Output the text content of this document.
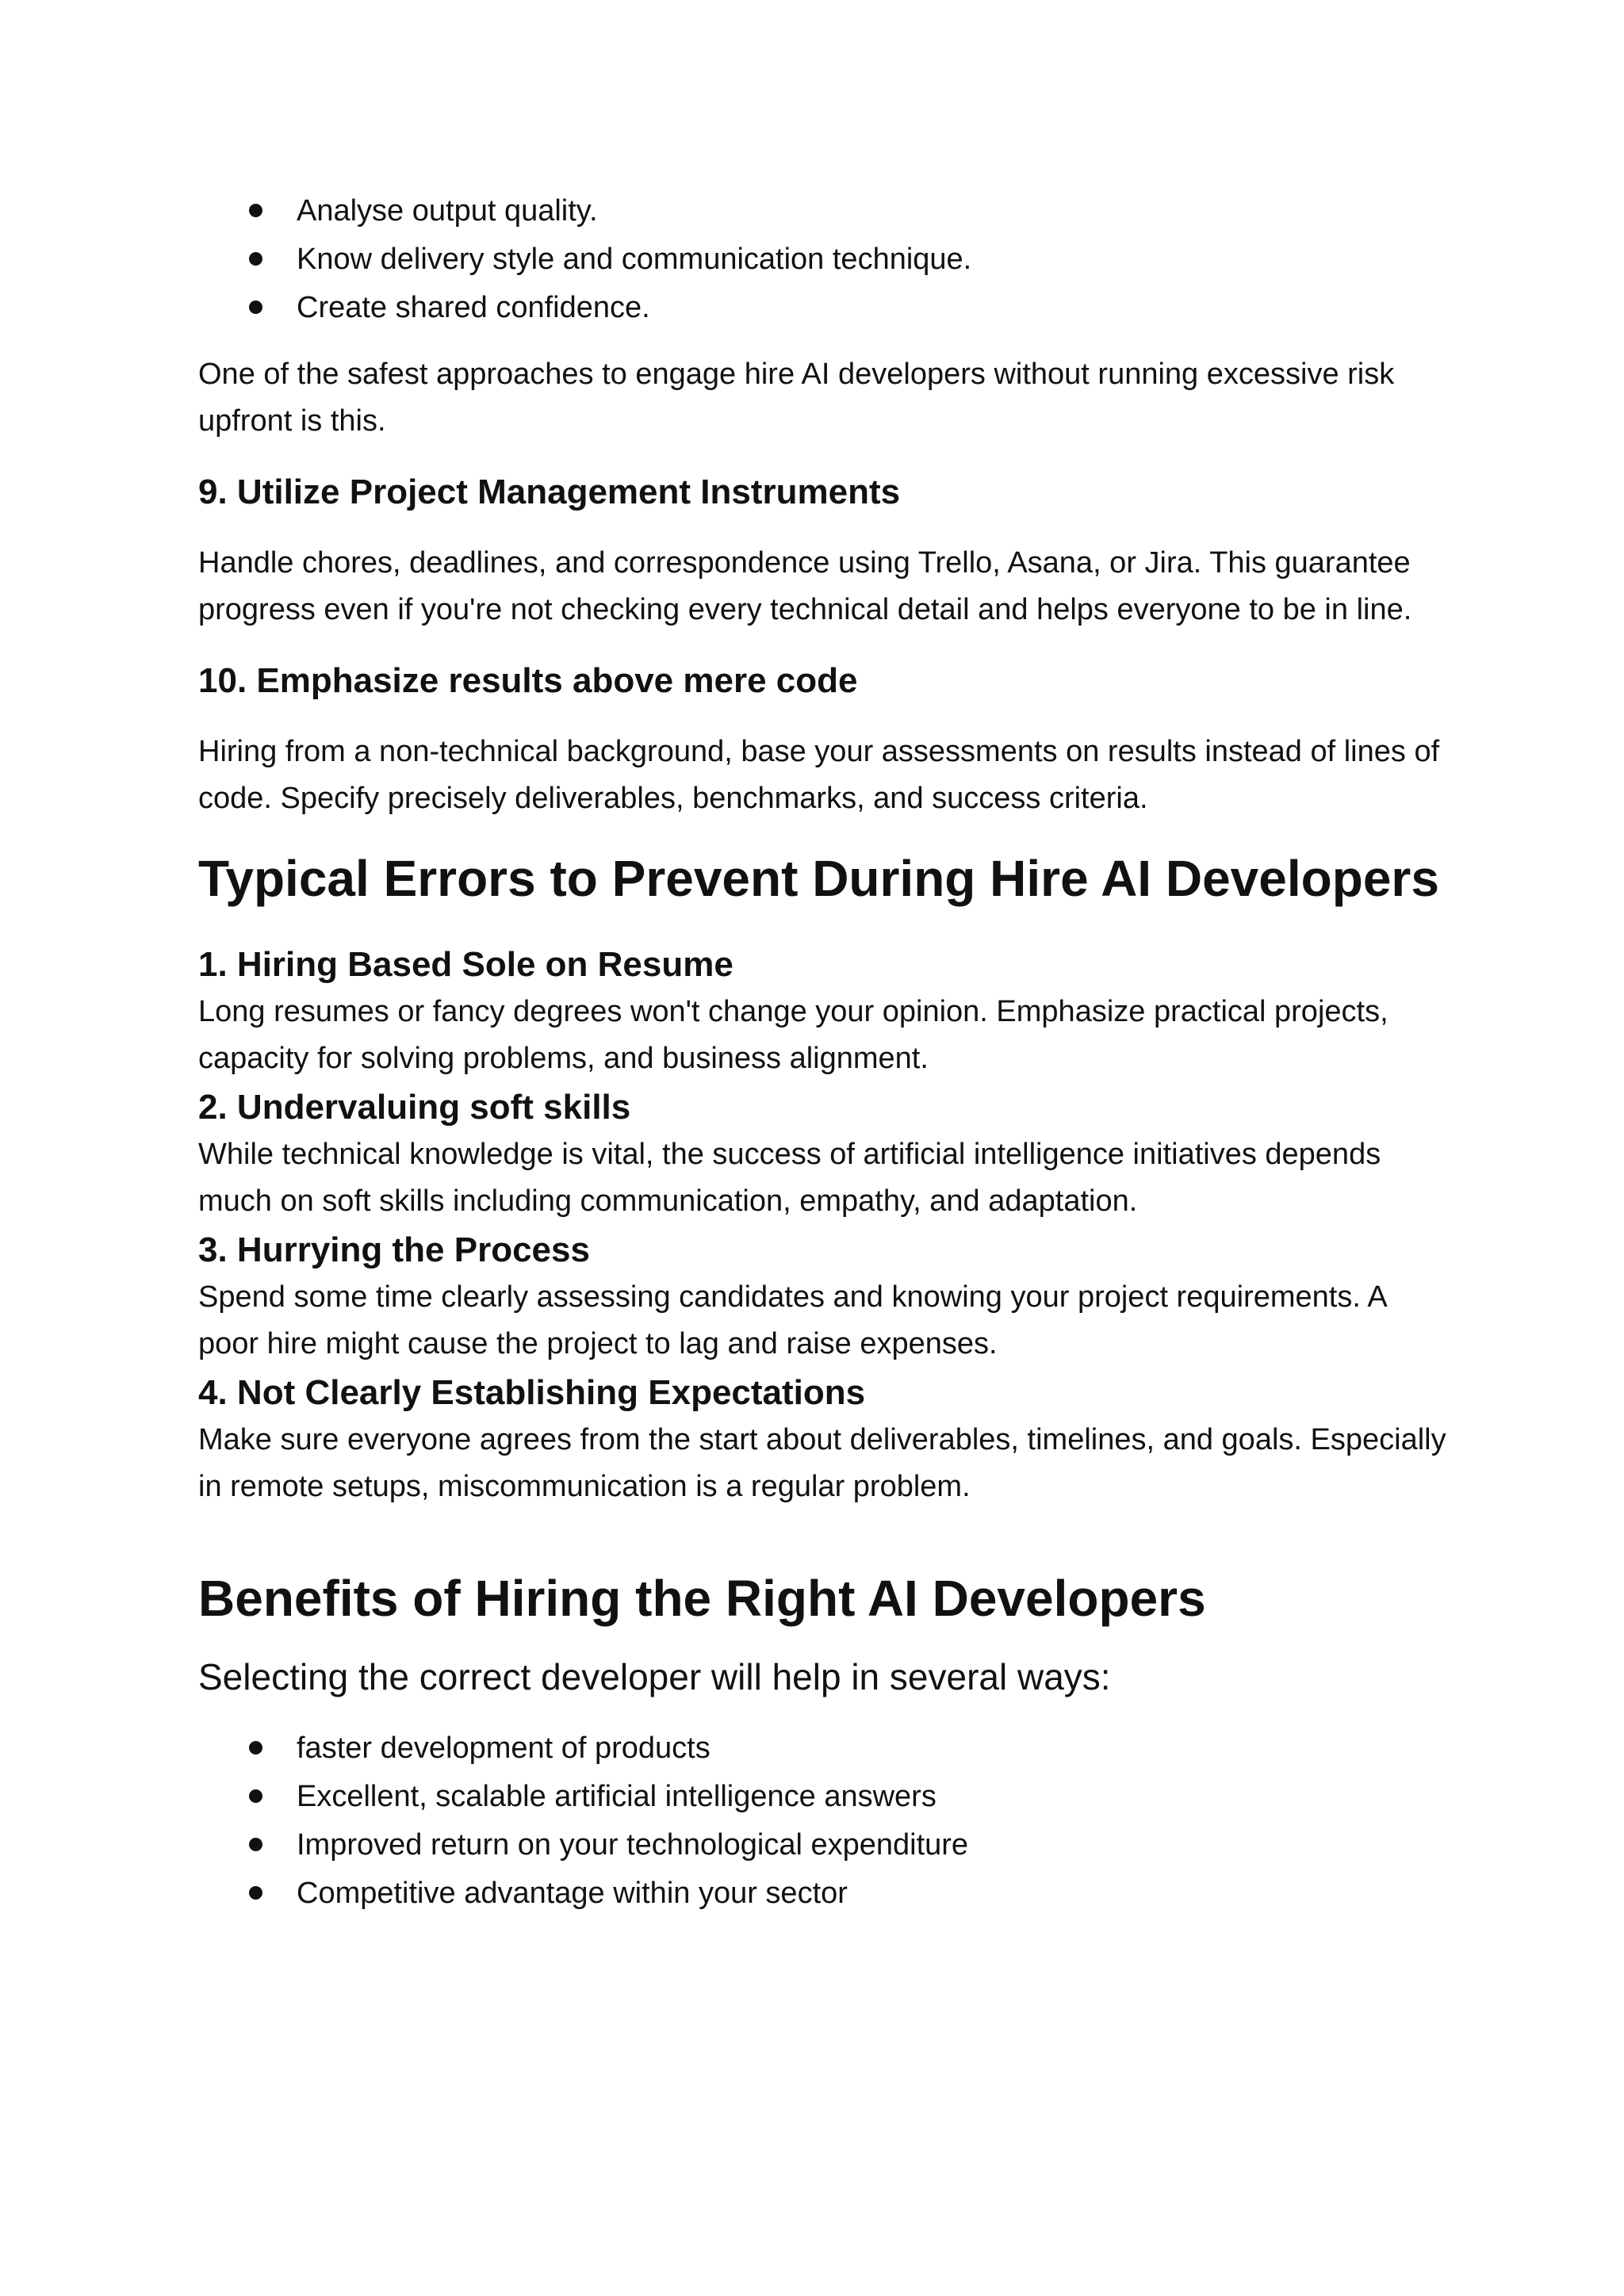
Analyse output quality.
Know delivery style and communication technique.
Create shared confidence.

One of the safest approaches to engage hire AI developers without running excessive risk upfront is this.

9. Utilize Project Management Instruments

Handle chores, deadlines, and correspondence using Trello, Asana, or Jira. This guarantee progress even if you're not checking every technical detail and helps everyone to be in line.

10. Emphasize results above mere code

Hiring from a non-technical background, base your assessments on results instead of lines of code. Specify precisely deliverables, benchmarks, and success criteria.

Typical Errors to Prevent During Hire AI Developers
1. Hiring Based Sole on Resume

Long resumes or fancy degrees won't change your opinion. Emphasize practical projects, capacity for solving problems, and business alignment.

2. Undervaluing soft skills

While technical knowledge is vital, the success of artificial intelligence initiatives depends much on soft skills including communication, empathy, and adaptation.

3. Hurrying the Process

Spend some time clearly assessing candidates and knowing your project requirements. A poor hire might cause the project to lag and raise expenses.

4. Not Clearly Establishing Expectations

Make sure everyone agrees from the start about deliverables, timelines, and goals. Especially in remote setups, miscommunication is a regular problem.

Benefits of Hiring the Right AI Developers

Selecting the correct developer will help in several ways:

faster development of products
Excellent, scalable artificial intelligence answers
Improved return on your technological expenditure
Competitive advantage within your sector
